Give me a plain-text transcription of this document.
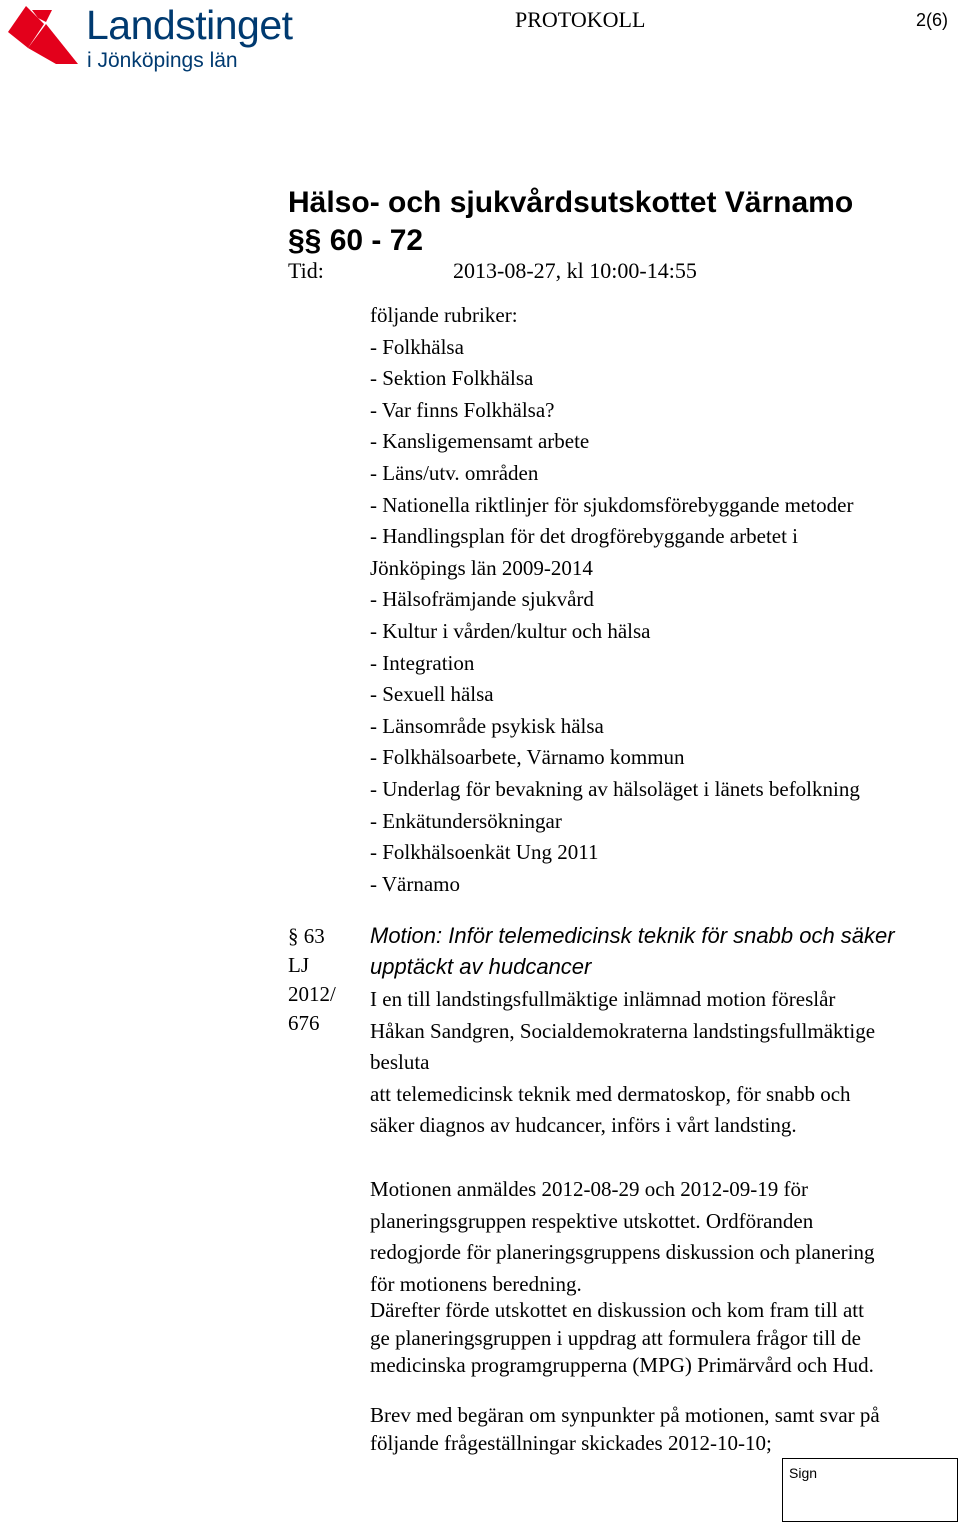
Landstinget
i Jönköpings län
PROTOKOLL	2(6)
Hälso- och sjukvårdsutskottet Värnamo
§§ 60 - 72
Tid:	2013-08-27, kl 10:00-14:55
följande rubriker:
- Folkhälsa
- Sektion Folkhälsa
- Var finns Folkhälsa?
- Kansligemensamt arbete
- Läns/utv. områden
- Nationella riktlinjer för sjukdomsförebyggande metoder
- Handlingsplan för det drogförebyggande arbetet i
Jönköpings län 2009-2014
- Hälsofrämjande sjukvård
- Kultur i vården/kultur och hälsa
- Integration
- Sexuell hälsa
- Länsområde psykisk hälsa
- Folkhälsoarbete, Värnamo kommun
- Underlag för bevakning av hälsoläget i länets befolkning
- Enkätundersökningar
- Folkhälsoenkät Ung 2011
- Värnamo
§ 63
LJ
2012/
676
Motion: Inför telemedicinsk teknik för snabb och säker upptäckt av hudcancer
I en till landstingsfullmäktige inlämnad motion föreslår
Håkan Sandgren, Socialdemokraterna landstingsfullmäktige
besluta
att telemedicinsk teknik med dermatoskop, för snabb och
säker diagnos av hudcancer, införs i vårt landsting.
Motionen anmäldes 2012-08-29 och 2012-09-19 för
planeringsgruppen respektive utskottet. Ordföranden
redogjorde för planeringsgruppens diskussion och planering
för motionens beredning.
Därefter förde utskottet en diskussion och kom fram till att
ge planeringsgruppen i uppdrag att formulera frågor till de
medicinska programgrupperna (MPG) Primärvård och Hud.
Brev med begäran om synpunkter på motionen, samt svar på
följande frågeställningar skickades 2012-10-10;
Sign
